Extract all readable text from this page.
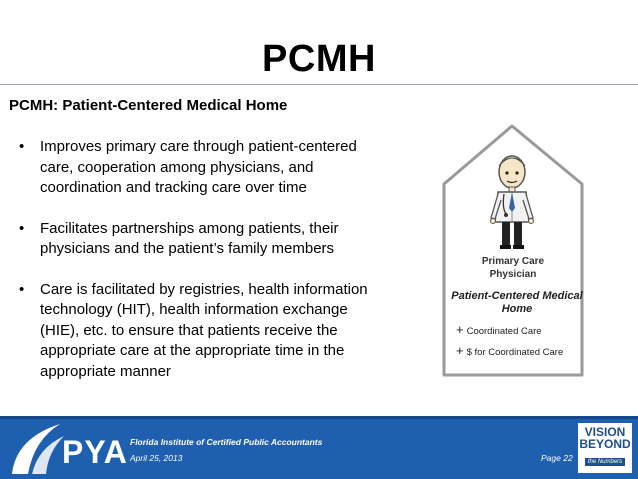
PCMH
PCMH: Patient-Centered Medical Home
• Improves primary care through patient-centered care, cooperation among physicians, and coordination and tracking care over time
• Facilitates partnerships among patients, their physicians and the patient’s family members
• Care is facilitated by registries, health information technology (HIT), health information exchange (HIE), etc. to ensure that patients receive the appropriate care at the appropriate time in the appropriate manner
Primary Care Physician
Patient-Centered Medical Home
+ Coordinated Care
+ $ for Coordinated Care
PYA Florida Institute of Certified Public Accountants
April 25, 2013	Page 22
VISION
BEYOND
the Numbers
